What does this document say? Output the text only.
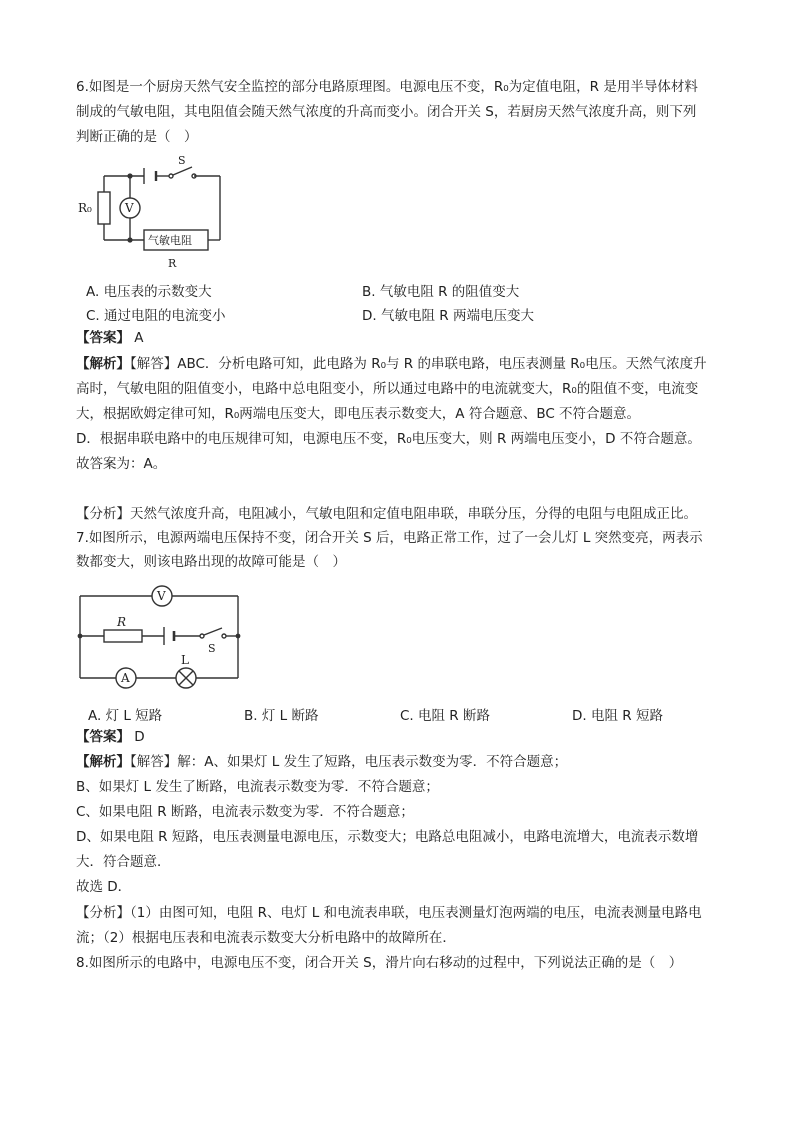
6.如图是一个厨房天然气安全监控的部分电路原理图。电源电压不变，R₀为定值电阻，R 是用半导体材料

制成的气敏电阻，其电阻值会随天然气浓度的升高而变小。闭合开关 S，若厨房天然气浓度升高，则下列

判断正确的是（　）

R₀	V
S
气敏电阻
R
A. 电压表的示数变大	B. 气敏电阻 R 的阻值变大
C. 通过电阻的电流变小	D. 气敏电阻 R 两端电压变大

【答案】 A

【解析】【解答】ABC．分析电路可知，此电路为 R₀与 R 的串联电路，电压表测量 R₀电压。天然气浓度升

高时，气敏电阻的阻值变小，电路中总电阻变小，所以通过电路中的电流就变大，R₀的阻值不变，电流变

大，根据欧姆定律可知，R₀两端电压变大，即电压表示数变大，A 符合题意、BC 不符合题意。

D．根据串联电路中的电压规律可知，电源电压不变，R₀电压变大，则 R 两端电压变小，D 不符合题意。

故答案为：A。

【分析】天然气浓度升高，电阻减小，气敏电阻和定值电阻串联，串联分压，分得的电阻与电阻成正比。

7.如图所示，电源两端电压保持不变，闭合开关 S 后，电路正常工作，过了一会儿灯 L 突然变亮，两表示

数都变大，则该电路出现的故障可能是（　）

V
R
S
A
L
A. 灯 L 短路	B. 灯 L 断路	C. 电阻 R 断路	D. 电阻 R 短路

【答案】 D

【解析】【解答】解：A、如果灯 L 发生了短路，电压表示数变为零．不符合题意；

B、如果灯 L 发生了断路，电流表示数变为零．不符合题意；

C、如果电阻 R 断路，电流表示数变为零．不符合题意；

D、如果电阻 R 短路，电压表测量电源电压，示数变大；电路总电阻减小，电路电流增大，电流表示数增

大．符合题意．

故选 D．

【分析】（1）由图可知，电阻 R、电灯 L 和电流表串联，电压表测量灯泡两端的电压，电流表测量电路电

流；（2）根据电压表和电流表示数变大分析电路中的故障所在．

8.如图所示的电路中，电源电压不变，闭合开关 S，滑片向右移动的过程中，下列说法正确的是（　）
